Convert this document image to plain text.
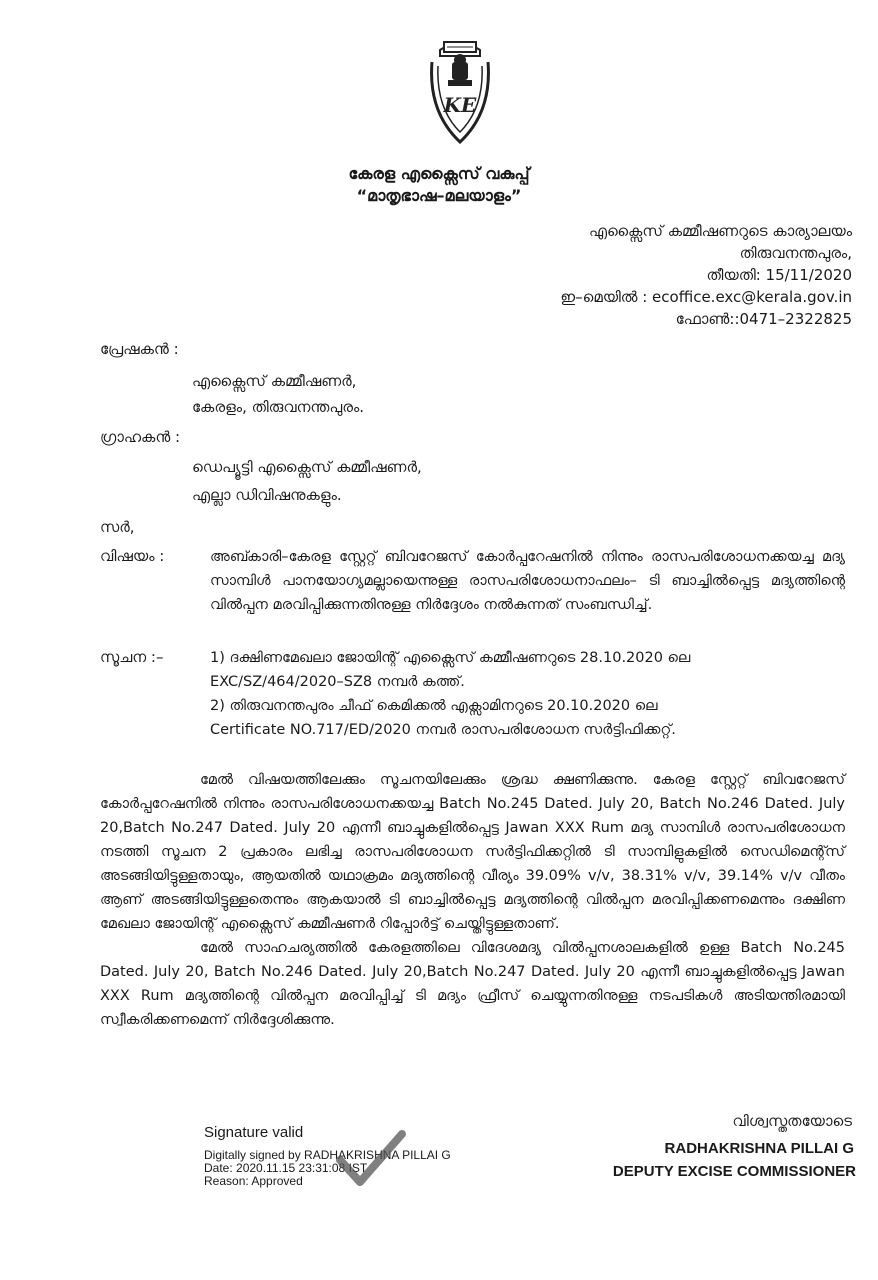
KE
കേരള എക്സൈസ് വകുപ്പ്
“മാതൃഭാഷ–മലയാളം”
എക്സൈസ് കമ്മീഷണറുടെ കാര്യാലയം
തിരുവനന്തപുരം,
തീയതി: 15/11/2020
ഇ–മെയിൽ : ecoffice.exc@kerala.gov.in
ഫോൺ::0471–2322825
പ്രേഷകൻ :
എക്സൈസ് കമ്മീഷണർ,
കേരളം, തിരുവനന്തപുരം.
ഗ്രാഹകൻ :
ഡെപ്യൂട്ടി എക്സൈസ് കമ്മീഷണർ,
എല്ലാ ഡിവിഷനുകളും.
സർ,
വിഷയം :	അബ്കാരി–കേരള സ്റ്റേറ്റ് ബിവറേജസ് കോർപ്പറേഷനിൽ നിന്നും രാസപരിശോധനക്കയച്ച മദ്യ സാമ്പിൾ പാനയോഗ്യമല്ലായെന്നുള്ള രാസപരിശോധനാഫലം– ടി ബാച്ചിൽപ്പെട്ട മദ്യത്തിന്റെ വിൽപ്പന മരവിപ്പിക്കുന്നതിനുള്ള നിർദ്ദേശം നൽകുന്നത് സംബന്ധിച്ച്.
സൂചന :–	1) ദക്ഷിണമേഖലാ ജോയിന്റ് എക്സൈസ് കമ്മീഷണറുടെ 28.10.2020 ലെ
EXC/SZ/464/2020–SZ8 നമ്പർ കത്ത്.
2) തിരുവനന്തപുരം ചീഫ് കെമിക്കൽ എക്സാമിനറുടെ 20.10.2020 ലെ
Certificate NO.717/ED/2020 നമ്പർ രാസപരിശോധന സർട്ടിഫിക്കറ്റ്.

മേൽ വിഷയത്തിലേക്കും സൂചനയിലേക്കും ശ്രദ്ധ ക്ഷണിക്കുന്നു. കേരള സ്റ്റേറ്റ് ബിവറേജസ് കോർപ്പറേഷനിൽ നിന്നും രാസപരിശോധനക്കയച്ച Batch No.245 Dated. July 20, Batch No.246 Dated. July 20,Batch No.247 Dated. July 20 എന്നീ ബാച്ചുകളിൽപ്പെട്ട Jawan XXX Rum മദ്യ സാമ്പിൾ രാസപരിശോധന നടത്തി സൂചന 2 പ്രകാരം ലഭിച്ച രാസപരിശോധന സർട്ടിഫിക്കറ്റിൽ ടി സാമ്പിളുകളിൽ സെഡിമെന്റ്സ് അടങ്ങിയിട്ടുള്ളതായും, ആയതിൽ യഥാക്രമം മദ്യത്തിന്റെ വീര്യം 39.09% v/v, 38.31% v/v, 39.14% v/v വീതം ആണ് അടങ്ങിയിട്ടുള്ളതെന്നും ആകയാൽ ടി ബാച്ചിൽപ്പെട്ട മദ്യത്തിന്റെ വിൽപ്പന മരവിപ്പിക്കണമെന്നും ദക്ഷിണ മേഖലാ ജോയിന്റ് എക്സൈസ് കമ്മീഷണർ റിപ്പോർട്ട് ചെയ്തിട്ടുള്ളതാണ്.

മേൽ സാഹചര്യത്തിൽ കേരളത്തിലെ വിദേശമദ്യ വിൽപ്പനശാലകളിൽ ഉള്ള Batch No.245 Dated. July 20, Batch No.246 Dated. July 20,Batch No.247 Dated. July 20 എന്നീ ബാച്ചുകളിൽപ്പെട്ട Jawan XXX Rum മദ്യത്തിന്റെ വിൽപ്പന മരവിപ്പിച്ച് ടി മദ്യം ഫ്രീസ് ചെയ്യുന്നതിനുള്ള നടപടികൾ അടിയന്തിരമായി സ്വീകരിക്കണമെന്ന് നിർദ്ദേശിക്കുന്നു.

Signature valid
Digitally signed by RADHAKRISHNA PILLAI G
Date: 2020.11.15 23:31:08 IST
Reason: Approved
വിശ്വസ്തതയോടെ
RADHAKRISHNA PILLAI G
DEPUTY EXCISE COMMISSIONER
